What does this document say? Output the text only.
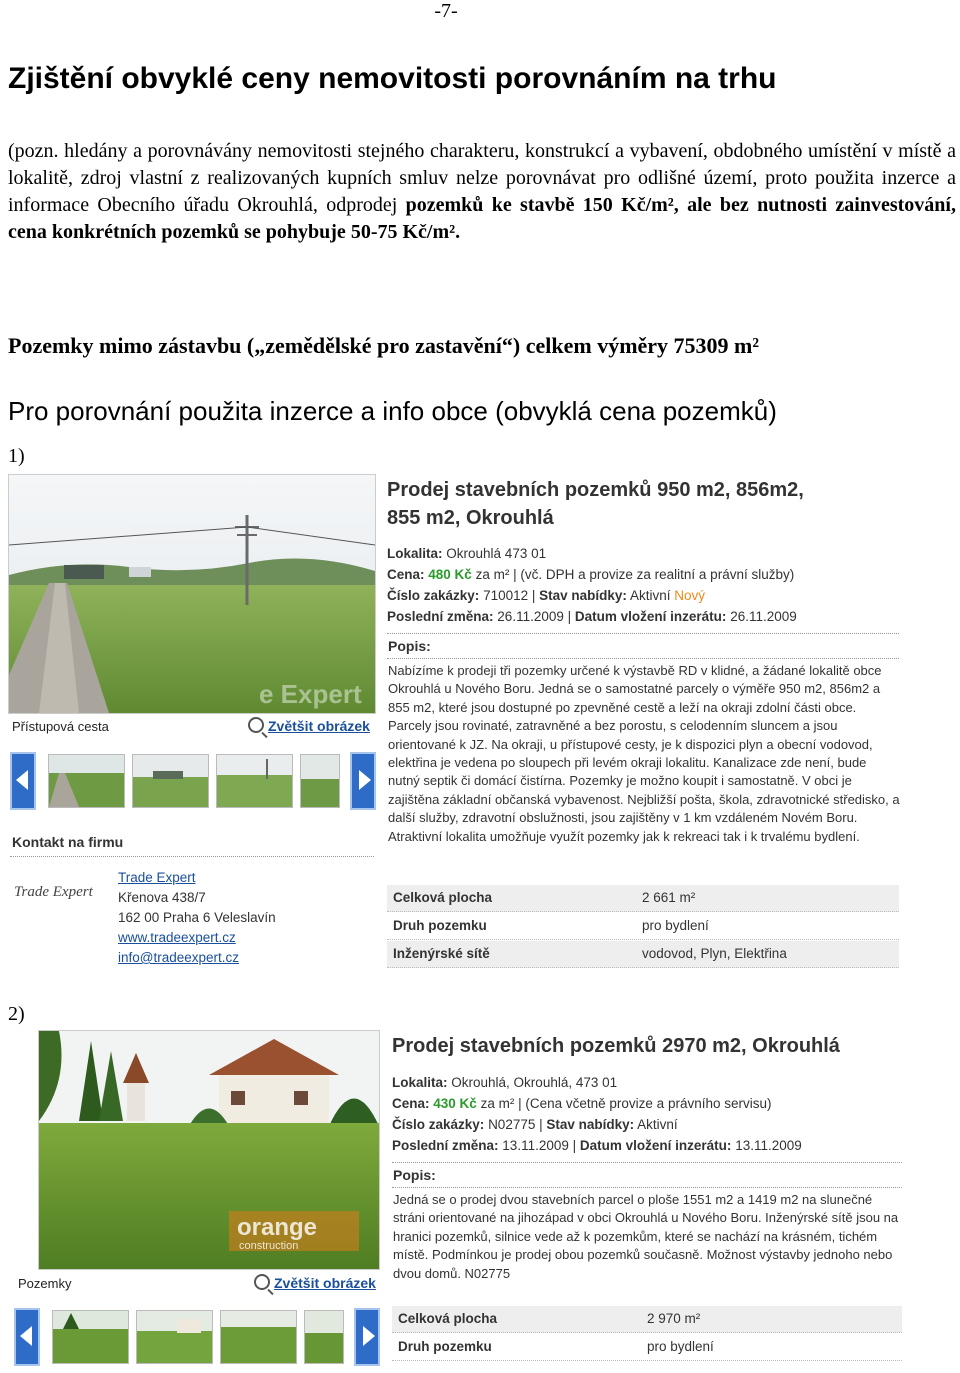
-7-
Zjištění obvyklé ceny nemovitosti porovnáním na trhu
(pozn. hledány a porovnávány nemovitosti stejného charakteru, konstrukcí a vybavení, obdobného umístění v místě a lokalitě, zdroj vlastní z realizovaných kupních smluv nelze porovnávat pro odlišné území, proto použita inzerce a informace Obecního úřadu Okrouhlá, odprodej pozemků ke stavbě 150 Kč/m², ale bez nutnosti zainvestování, cena konkrétních pozemků se pohybuje 50-75 Kč/m².
Pozemky mimo zástavbu („zemědělské pro zastavění“) celkem výměry 75309 m²
Pro porovnání použita inzerce a info obce (obvyklá cena pozemků)
1)
e Expert
Přístupová cesta	Zvětšit obrázek
Kontakt na firmu
Trade Expert
Trade Expert
Křenova 438/7
162 00 Praha 6 Veleslavín
www.tradeexpert.cz
info@tradeexpert.cz
Prodej stavebních pozemků 950 m2, 856m2,
855 m2, Okrouhlá
Lokalita: Okrouhlá 473 01
Cena: 480 Kč za m² | (vč. DPH a provize za realitní a právní služby)
Číslo zakázky: 710012 | Stav nabídky: Aktivní Nový
Poslední změna: 26.11.2009 | Datum vložení inzerátu: 26.11.2009
Popis:
Nabízíme k prodeji tři pozemky určené k výstavbě RD v klidné, a žádané lokalitě obce Okrouhlá u Nového Boru. Jedná se o samostatné parcely o výměře 950 m2, 856m2 a 855 m2, které jsou dostupné po zpevněné cestě a leží na okraji zdolní části obce. Parcely jsou rovinaté, zatravněné a bez porostu, s celodenním sluncem a jsou orientované k JZ. Na okraji, u přístupové cesty, je k dispozici plyn a obecní vodovod, elektřina je vedena po sloupech při levém okraji lokalitu. Kanalizace zde není, bude nutný septik či domácí čistírna. Pozemky je možno koupit i samostatně. V obci je zajištěna základní občanská vybavenost. Nejbližší pošta, škola, zdravotnické středisko, a další služby, zdravotní obslužnosti, jsou zajištěny v 1 km vzdáleném Novém Boru. Atraktivní lokalita umožňuje využít pozemky jak k rekreaci tak i k trvalému bydlení.
Celková plocha	2 661 m²
Druh pozemku	pro bydlení
Inženýrské sítě	vodovod, Plyn, Elektřina
2)
orange
construction
Pozemky	Zvětšit obrázek
Prodej stavebních pozemků 2970 m2, Okrouhlá
Lokalita: Okrouhlá, Okrouhlá, 473 01
Cena: 430 Kč za m² | (Cena včetně provize a právního servisu)
Číslo zakázky: N02775 | Stav nabídky: Aktivní
Poslední změna: 13.11.2009 | Datum vložení inzerátu: 13.11.2009
Popis:
Jedná se o prodej dvou stavebních parcel o ploše 1551 m2 a 1419 m2 na slunečné stráni orientované na jihozápad v obci Okrouhlá u Nového Boru. Inženýrské sítě jsou na hranici pozemků, silnice vede až k pozemkům, které se nachází na krásném, tichém místě. Podmínkou je prodej obou pozemků současně. Možnost výstavby jednoho nebo dvou domů. N02775
Celková plocha	2 970 m²
Druh pozemku	pro bydlení
